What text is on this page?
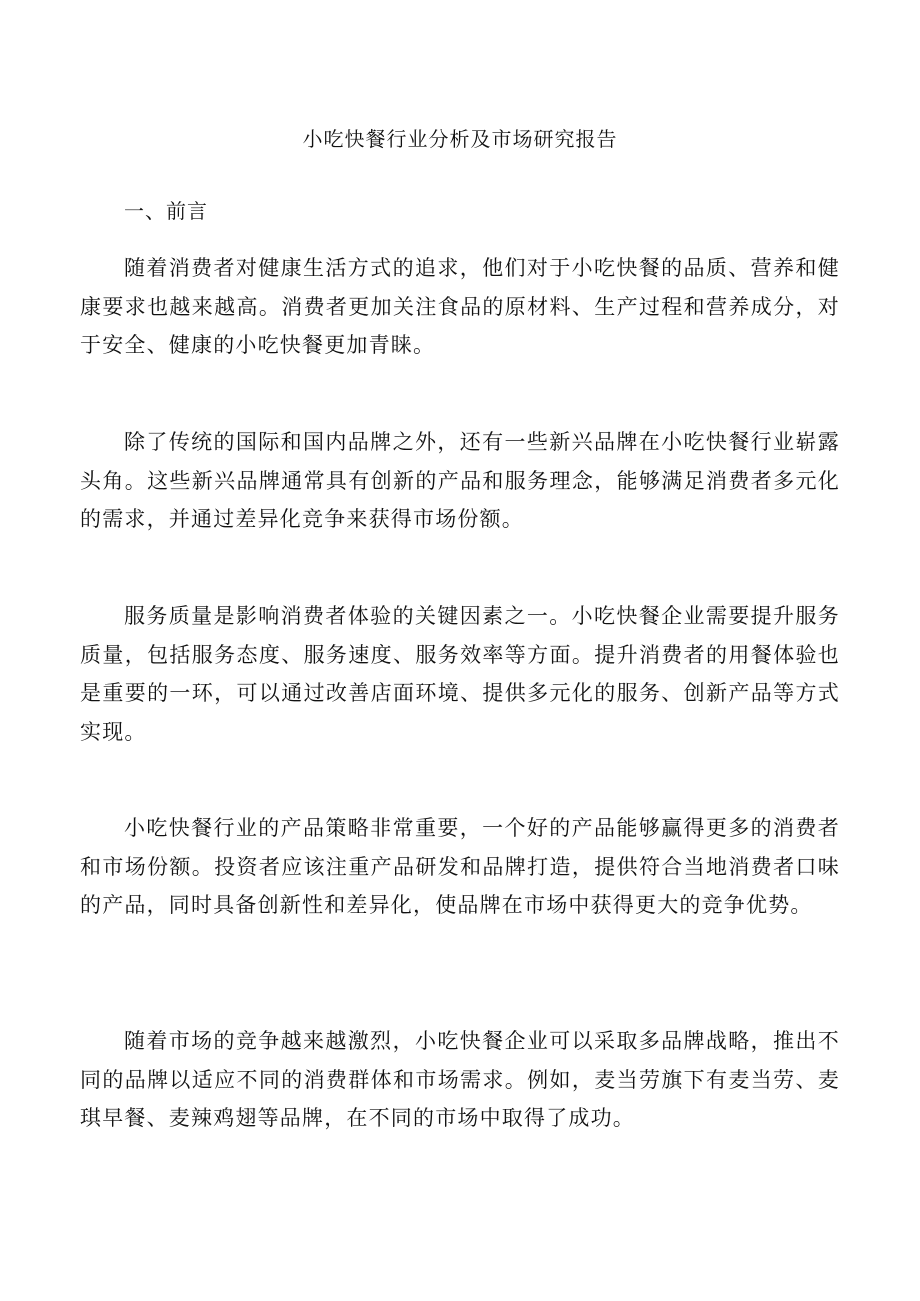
小吃快餐行业分析及市场研究报告
一、前言

随着消费者对健康生活方式的追求，他们对于小吃快餐的品质、营养和健康要求也越来越高。消费者更加关注食品的原材料、生产过程和营养成分，对于安全、健康的小吃快餐更加青睐。

除了传统的国际和国内品牌之外，还有一些新兴品牌在小吃快餐行业崭露头角。这些新兴品牌通常具有创新的产品和服务理念，能够满足消费者多元化的需求，并通过差异化竞争来获得市场份额。

服务质量是影响消费者体验的关键因素之一。小吃快餐企业需要提升服务质量，包括服务态度、服务速度、服务效率等方面。提升消费者的用餐体验也是重要的一环，可以通过改善店面环境、提供多元化的服务、创新产品等方式实现。

小吃快餐行业的产品策略非常重要，一个好的产品能够赢得更多的消费者和市场份额。投资者应该注重产品研发和品牌打造，提供符合当地消费者口味的产品，同时具备创新性和差异化，使品牌在市场中获得更大的竞争优势。

随着市场的竞争越来越激烈，小吃快餐企业可以采取多品牌战略，推出不同的品牌以适应不同的消费群体和市场需求。例如，麦当劳旗下有麦当劳、麦琪早餐、麦辣鸡翅等品牌，在不同的市场中取得了成功。
